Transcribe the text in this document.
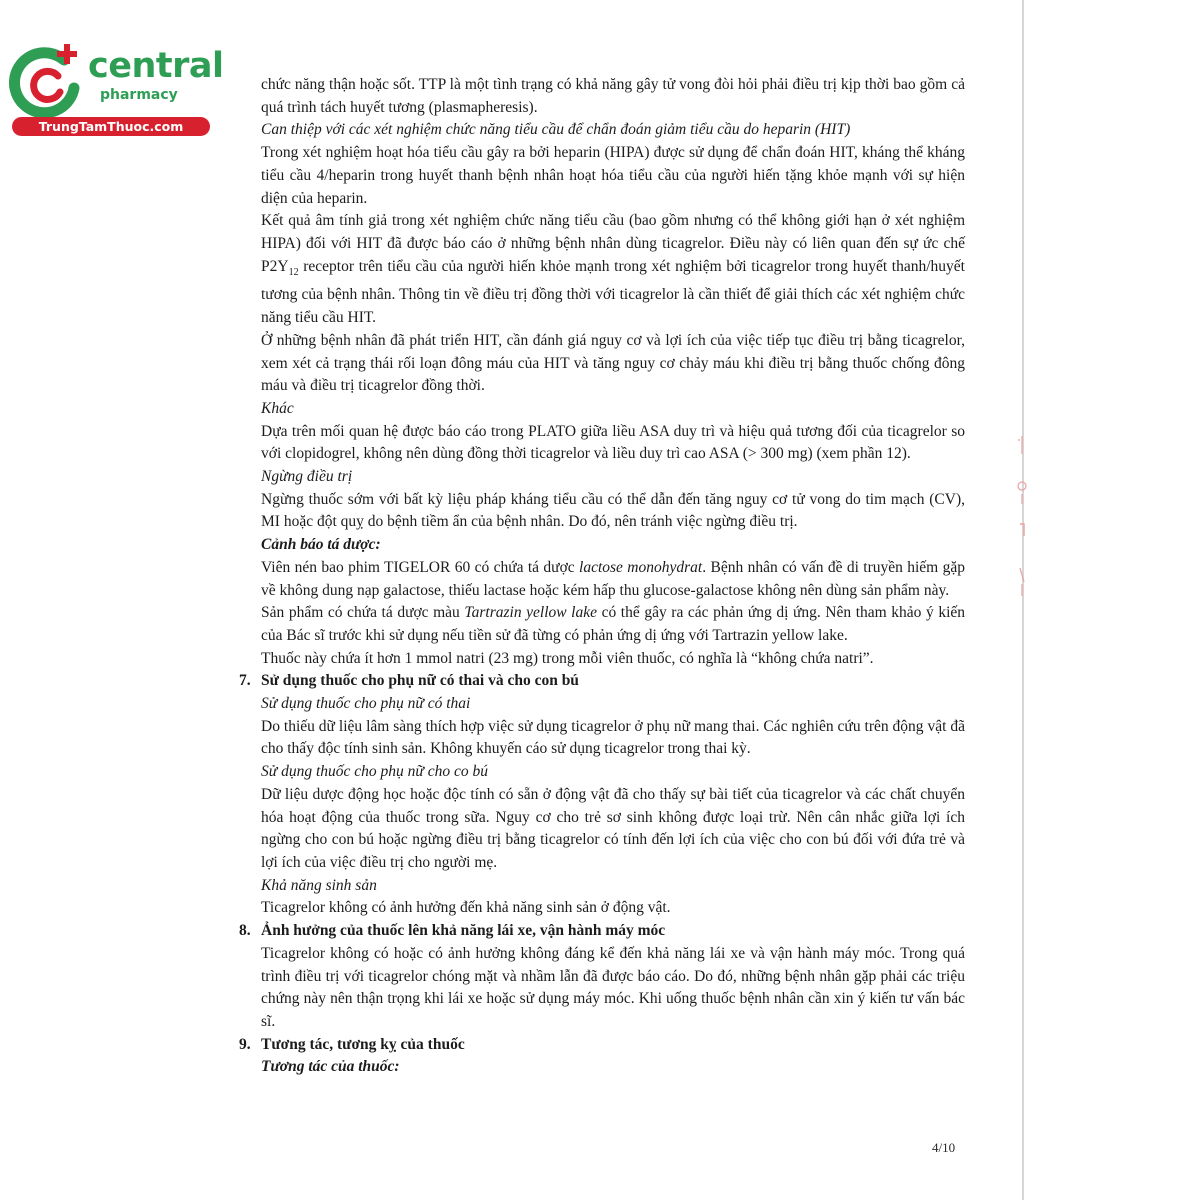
central
pharmacy
TrungTamThuoc.com

chức năng thận hoặc sốt. TTP là một tình trạng có khả năng gây tử vong đòi hỏi phải điều trị kịp thời bao gồm cả quá trình tách huyết tương (plasmapheresis).

Can thiệp với các xét nghiệm chức năng tiểu cầu để chẩn đoán giảm tiểu cầu do heparin (HIT)

Trong xét nghiệm hoạt hóa tiểu cầu gây ra bởi heparin (HIPA) được sử dụng để chẩn đoán HIT, kháng thể kháng tiểu cầu 4/heparin trong huyết thanh bệnh nhân hoạt hóa tiểu cầu của người hiến tặng khỏe mạnh với sự hiện diện của heparin.

Kết quả âm tính giả trong xét nghiệm chức năng tiểu cầu (bao gồm nhưng có thể không giới hạn ở xét nghiệm HIPA) đối với HIT đã được báo cáo ở những bệnh nhân dùng ticagrelor. Điều này có liên quan đến sự ức chế $P2Y_{12}$ receptor trên tiểu cầu của người hiến khỏe mạnh trong xét nghiệm bởi ticagrelor trong huyết thanh/huyết tương của bệnh nhân. Thông tin về điều trị đồng thời với ticagrelor là cần thiết để giải thích các xét nghiệm chức năng tiểu cầu HIT.

Ở những bệnh nhân đã phát triển HIT, cần đánh giá nguy cơ và lợi ích của việc tiếp tục điều trị bằng ticagrelor, xem xét cả trạng thái rối loạn đông máu của HIT và tăng nguy cơ chảy máu khi điều trị bằng thuốc chống đông máu và điều trị ticagrelor đồng thời.

Khác

Dựa trên mối quan hệ được báo cáo trong PLATO giữa liều ASA duy trì và hiệu quả tương đối của ticagrelor so với clopidogrel, không nên dùng đồng thời ticagrelor và liều duy trì cao ASA (> 300 mg) (xem phần 12).

Ngừng điều trị

Ngừng thuốc sớm với bất kỳ liệu pháp kháng tiểu cầu có thể dẫn đến tăng nguy cơ tử vong do tim mạch (CV), MI hoặc đột quỵ do bệnh tiềm ẩn của bệnh nhân. Do đó, nên tránh việc ngừng điều trị.

Cảnh báo tá dược:

Viên nén bao phim TIGELOR 60 có chứa tá dược lactose monohydrat. Bệnh nhân có vấn đề di truyền hiếm gặp về không dung nạp galactose, thiếu lactase hoặc kém hấp thu glucose-galactose không nên dùng sản phẩm này.

Sản phẩm có chứa tá dược màu Tartrazin yellow lake có thể gây ra các phản ứng dị ứng. Nên tham khảo ý kiến của Bác sĩ trước khi sử dụng nếu tiền sử đã từng có phản ứng dị ứng với Tartrazin yellow lake.

Thuốc này chứa ít hơn 1 mmol natri (23 mg) trong mỗi viên thuốc, có nghĩa là “không chứa natri”.

7. Sử dụng thuốc cho phụ nữ có thai và cho con bú

Sử dụng thuốc cho phụ nữ có thai

Do thiếu dữ liệu lâm sàng thích hợp việc sử dụng ticagrelor ở phụ nữ mang thai. Các nghiên cứu trên động vật đã cho thấy độc tính sinh sản. Không khuyến cáo sử dụng ticagrelor trong thai kỳ.

Sử dụng thuốc cho phụ nữ cho co bú

Dữ liệu dược động học hoặc độc tính có sẵn ở động vật đã cho thấy sự bài tiết của ticagrelor và các chất chuyển hóa hoạt động của thuốc trong sữa. Nguy cơ cho trẻ sơ sinh không được loại trừ. Nên cân nhắc giữa lợi ích ngừng cho con bú hoặc ngừng điều trị bằng ticagrelor có tính đến lợi ích của việc cho con bú đối với đứa trẻ và lợi ích của việc điều trị cho người mẹ.

Khả năng sinh sản

Ticagrelor không có ảnh hưởng đến khả năng sinh sản ở động vật.

8. Ảnh hưởng của thuốc lên khả năng lái xe, vận hành máy móc

Ticagrelor không có hoặc có ảnh hưởng không đáng kể đến khả năng lái xe và vận hành máy móc. Trong quá trình điều trị với ticagrelor chóng mặt và nhầm lẫn đã được báo cáo. Do đó, những bệnh nhân gặp phải các triệu chứng này nên thận trọng khi lái xe hoặc sử dụng máy móc. Khi uống thuốc bệnh nhân cần xin ý kiến tư vấn bác sĩ.

9. Tương tác, tương kỵ của thuốc

Tương tác của thuốc:

4/10
